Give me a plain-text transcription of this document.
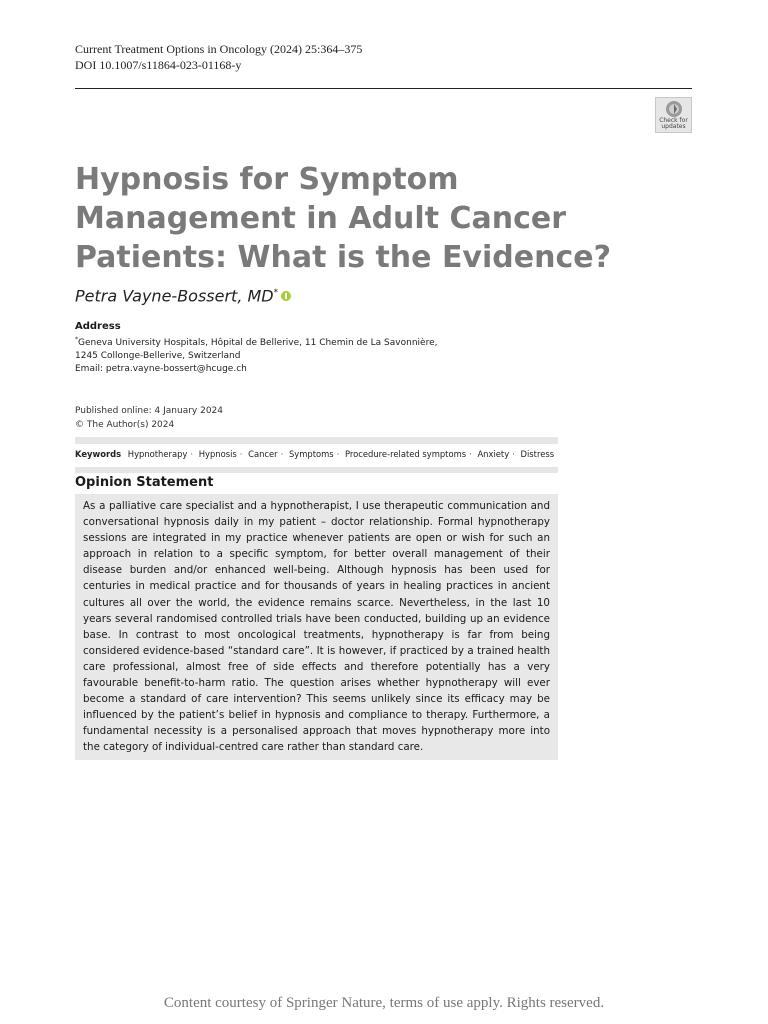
Current Treatment Options in Oncology (2024) 25:364–375
DOI 10.1007/s11864-023-01168-y
Check for
updates
Hypnosis for Symptom Management in Adult Cancer Patients: What is the Evidence?
Petra Vayne-Bossert, MD*
Address
*Geneva University Hospitals, Hôpital de Bellerive, 11 Chemin de La Savonnière,
1245 Collonge-Bellerive, Switzerland
Email: petra.vayne-bossert@hcuge.ch
Published online: 4 January 2024
© The Author(s) 2024
Keywords Hypnotherapy · Hypnosis · Cancer · Symptoms · Procedure-related symptoms · Anxiety · Distress
Opinion Statement

As a palliative care specialist and a hypnotherapist, I use therapeutic communication and conversational hypnosis daily in my patient – doctor relationship. Formal hypnotherapy sessions are integrated in my practice whenever patients are open or wish for such an approach in relation to a specific symptom, for better overall management of their disease burden and/or enhanced well-being. Although hypnosis has been used for centuries in medical practice and for thousands of years in healing practices in ancient cultures all over the world, the evidence remains scarce. Nevertheless, in the last 10 years several randomised controlled trials have been conducted, building up an evidence base. In contrast to most oncological treatments, hypnotherapy is far from being considered evidence-based “standard care”. It is however, if practiced by a trained health care professional, almost free of side effects and therefore potentially has a very favourable benefit-to-harm ratio. The question arises whether hypnotherapy will ever become a standard of care intervention? This seems unlikely since its efficacy may be influenced by the patient’s belief in hypnosis and compliance to therapy. Furthermore, a fundamental necessity is a personalised approach that moves hypnotherapy more into the category of individual-centred care rather than standard care.

Content courtesy of Springer Nature, terms of use apply. Rights reserved.
